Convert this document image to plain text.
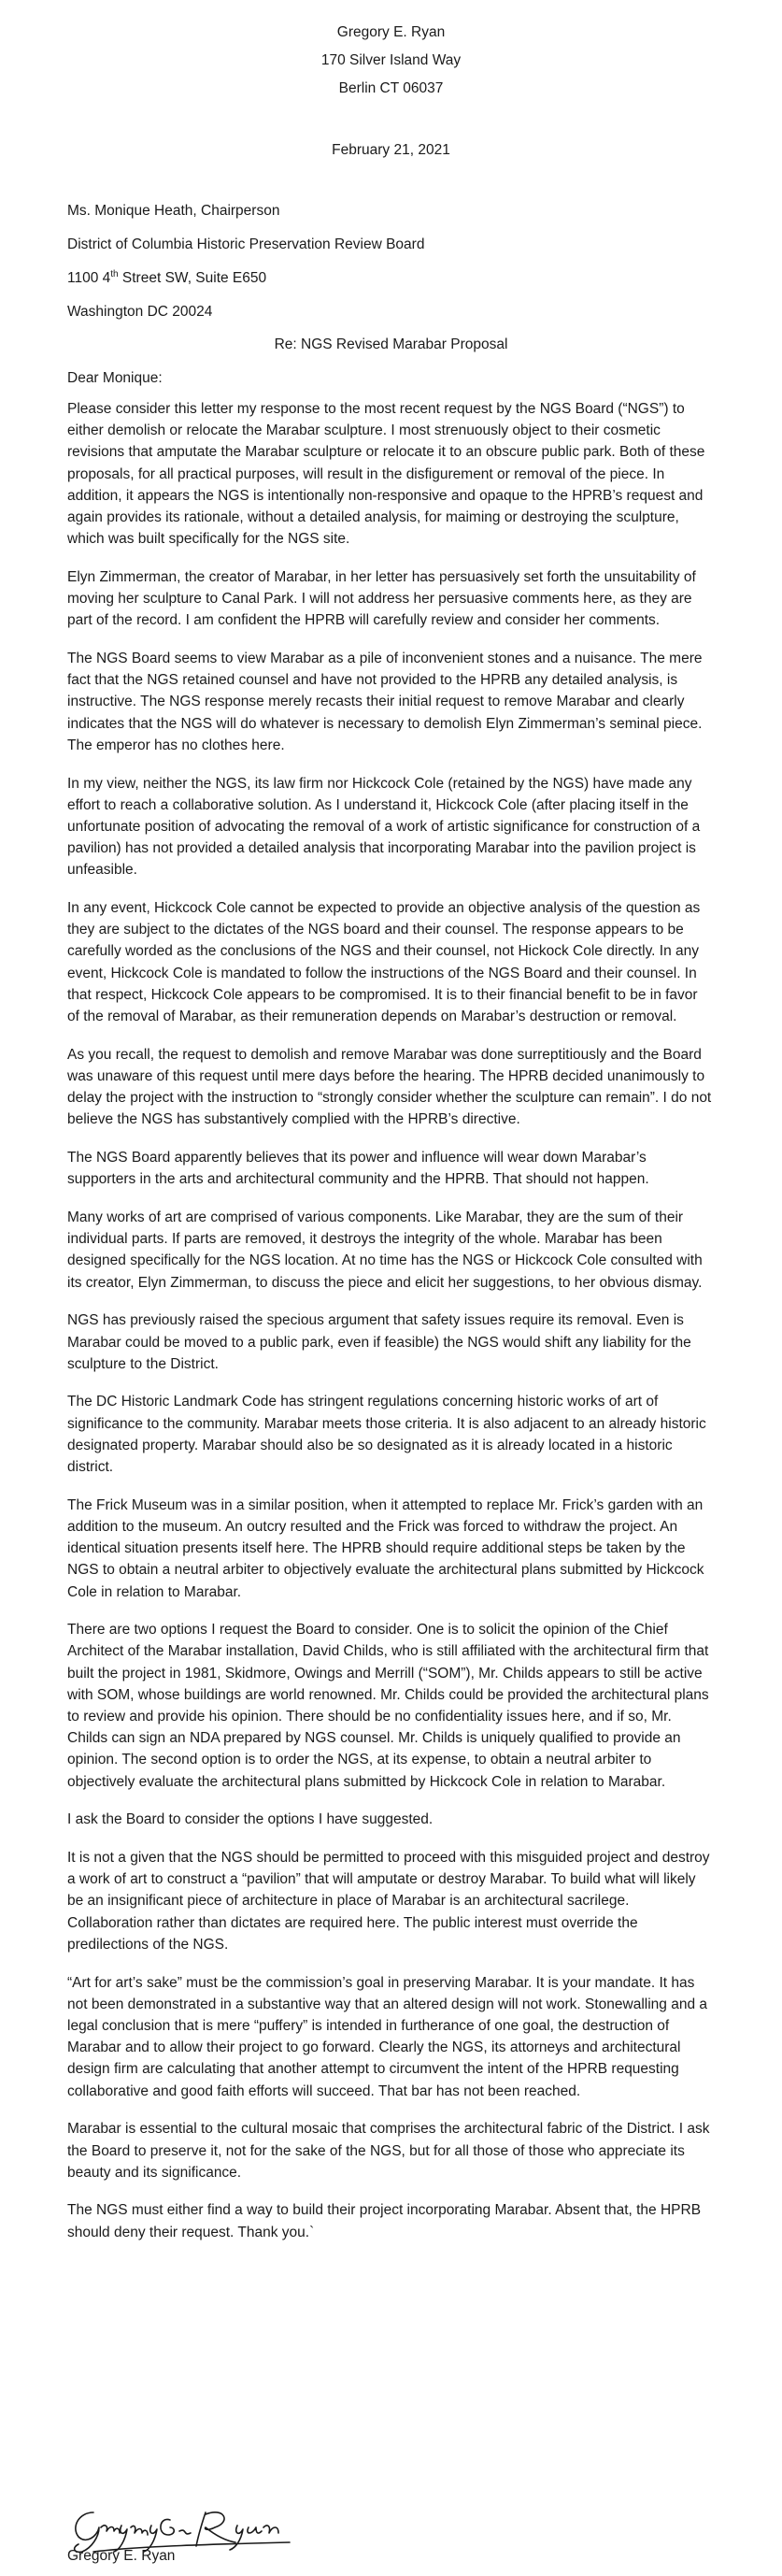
Gregory E. Ryan
170 Silver Island Way
Berlin CT 06037
February 21, 2021
Ms. Monique Heath, Chairperson
District of Columbia Historic Preservation Review Board
1100 4th Street SW, Suite E650
Washington DC 20024
Re: NGS Revised Marabar Proposal
Dear Monique:

Please consider this letter my response to the most recent request by the NGS Board (“NGS”) to either demolish or relocate the Marabar sculpture. I most strenuously object to their cosmetic revisions that amputate the Marabar sculpture or relocate it to an obscure public park. Both of these proposals, for all practical purposes, will result in the disfigurement or removal of the piece. In addition, it appears the NGS is intentionally non-responsive and opaque to the HPRB’s request and again provides its rationale, without a detailed analysis, for maiming or destroying the sculpture, which was built specifically for the NGS site.

Elyn Zimmerman, the creator of Marabar, in her letter has persuasively set forth the unsuitability of moving her sculpture to Canal Park. I will not address her persuasive comments here, as they are part of the record. I am confident the HPRB will carefully review and consider her comments.

The NGS Board seems to view Marabar as a pile of inconvenient stones and a nuisance. The mere fact that the NGS retained counsel and have not provided to the HPRB any detailed analysis, is instructive. The NGS response merely recasts their initial request to remove Marabar and clearly indicates that the NGS will do whatever is necessary to demolish Elyn Zimmerman’s seminal piece. The emperor has no clothes here.

In my view, neither the NGS, its law firm nor Hickcock Cole (retained by the NGS) have made any effort to reach a collaborative solution. As I understand it, Hickcock Cole (after placing itself in the unfortunate position of advocating the removal of a work of artistic significance for construction of a pavilion) has not provided a detailed analysis that incorporating Marabar into the pavilion project is unfeasible.

In any event, Hickcock Cole cannot be expected to provide an objective analysis of the question as they are subject to the dictates of the NGS board and their counsel. The response appears to be carefully worded as the conclusions of the NGS and their counsel, not Hickock Cole directly. In any event, Hickcock Cole is mandated to follow the instructions of the NGS Board and their counsel. In that respect, Hickcock Cole appears to be compromised. It is to their financial benefit to be in favor of the removal of Marabar, as their remuneration depends on Marabar’s destruction or removal.

As you recall, the request to demolish and remove Marabar was done surreptitiously and the Board was unaware of this request until mere days before the hearing. The HPRB decided unanimously to delay the project with the instruction to “strongly consider whether the sculpture can remain”. I do not believe the NGS has substantively complied with the HPRB’s directive.

The NGS Board apparently believes that its power and influence will wear down Marabar’s supporters in the arts and architectural community and the HPRB. That should not happen.

Many works of art are comprised of various components. Like Marabar, they are the sum of their individual parts. If parts are removed, it destroys the integrity of the whole. Marabar has been designed specifically for the NGS location. At no time has the NGS or Hickcock Cole consulted with its creator, Elyn Zimmerman, to discuss the piece and elicit her suggestions, to her obvious dismay.

NGS has previously raised the specious argument that safety issues require its removal. Even is Marabar could be moved to a public park, even if feasible) the NGS would shift any liability for the sculpture to the District.

The DC Historic Landmark Code has stringent regulations concerning historic works of art of significance to the community. Marabar meets those criteria. It is also adjacent to an already historic designated property. Marabar should also be so designated as it is already located in a historic district.

The Frick Museum was in a similar position, when it attempted to replace Mr. Frick’s garden with an addition to the museum. An outcry resulted and the Frick was forced to withdraw the project. An identical situation presents itself here. The HPRB should require additional steps be taken by the NGS to obtain a neutral arbiter to objectively evaluate the architectural plans submitted by Hickcock Cole in relation to Marabar.

There are two options I request the Board to consider. One is to solicit the opinion of the Chief Architect of the Marabar installation, David Childs, who is still affiliated with the architectural firm that built the project in 1981, Skidmore, Owings and Merrill (“SOM”), Mr. Childs appears to still be active with SOM, whose buildings are world renowned. Mr. Childs could be provided the architectural plans to review and provide his opinion. There should be no confidentiality issues here, and if so, Mr. Childs can sign an NDA prepared by NGS counsel. Mr. Childs is uniquely qualified to provide an opinion. The second option is to order the NGS, at its expense, to obtain a neutral arbiter to objectively evaluate the architectural plans submitted by Hickcock Cole in relation to Marabar.

I ask the Board to consider the options I have suggested.

It is not a given that the NGS should be permitted to proceed with this misguided project and destroy a work of art to construct a “pavilion” that will amputate or destroy Marabar. To build what will likely be an insignificant piece of architecture in place of Marabar is an architectural sacrilege. Collaboration rather than dictates are required here. The public interest must override the predilections of the NGS.

“Art for art’s sake” must be the commission’s goal in preserving Marabar. It is your mandate. It has not been demonstrated in a substantive way that an altered design will not work. Stonewalling and a legal conclusion that is mere “puffery” is intended in furtherance of one goal, the destruction of Marabar and to allow their project to go forward. Clearly the NGS, its attorneys and architectural design firm are calculating that another attempt to circumvent the intent of the HPRB requesting collaborative and good faith efforts will succeed. That bar has not been reached.

Marabar is essential to the cultural mosaic that comprises the architectural fabric of the District. I ask the Board to preserve it, not for the sake of the NGS, but for all those of those who appreciate its beauty and its significance.

The NGS must either find a way to build their project incorporating Marabar. Absent that, the HPRB should deny their request. Thank you.`

Gregory E. Ryan
